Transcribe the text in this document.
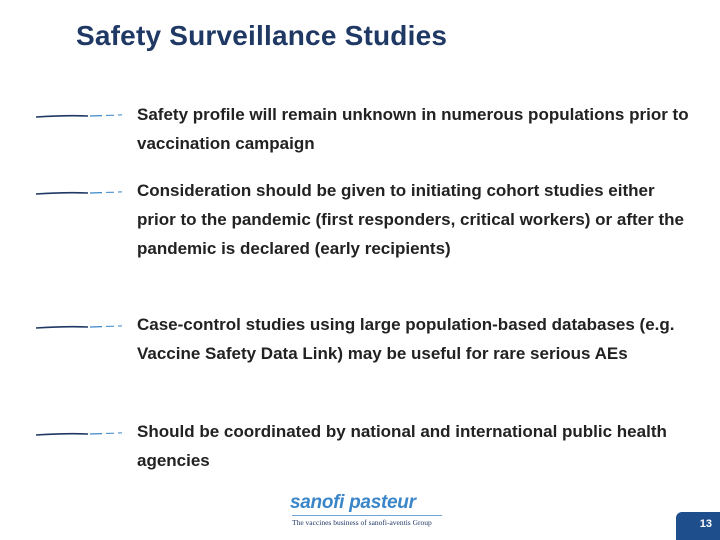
Safety Surveillance Studies
Safety profile will remain unknown in numerous populations prior to vaccination campaign
Consideration should be given to initiating cohort studies either prior to the pandemic (first responders, critical workers) or after the pandemic is declared (early recipients)
Case-control studies using large population-based databases (e.g. Vaccine Safety Data Link) may be useful for rare serious AEs
Should be coordinated by national and international public health agencies
sanofi pasteur
The vaccines business of sanofi-aventis Group	13
